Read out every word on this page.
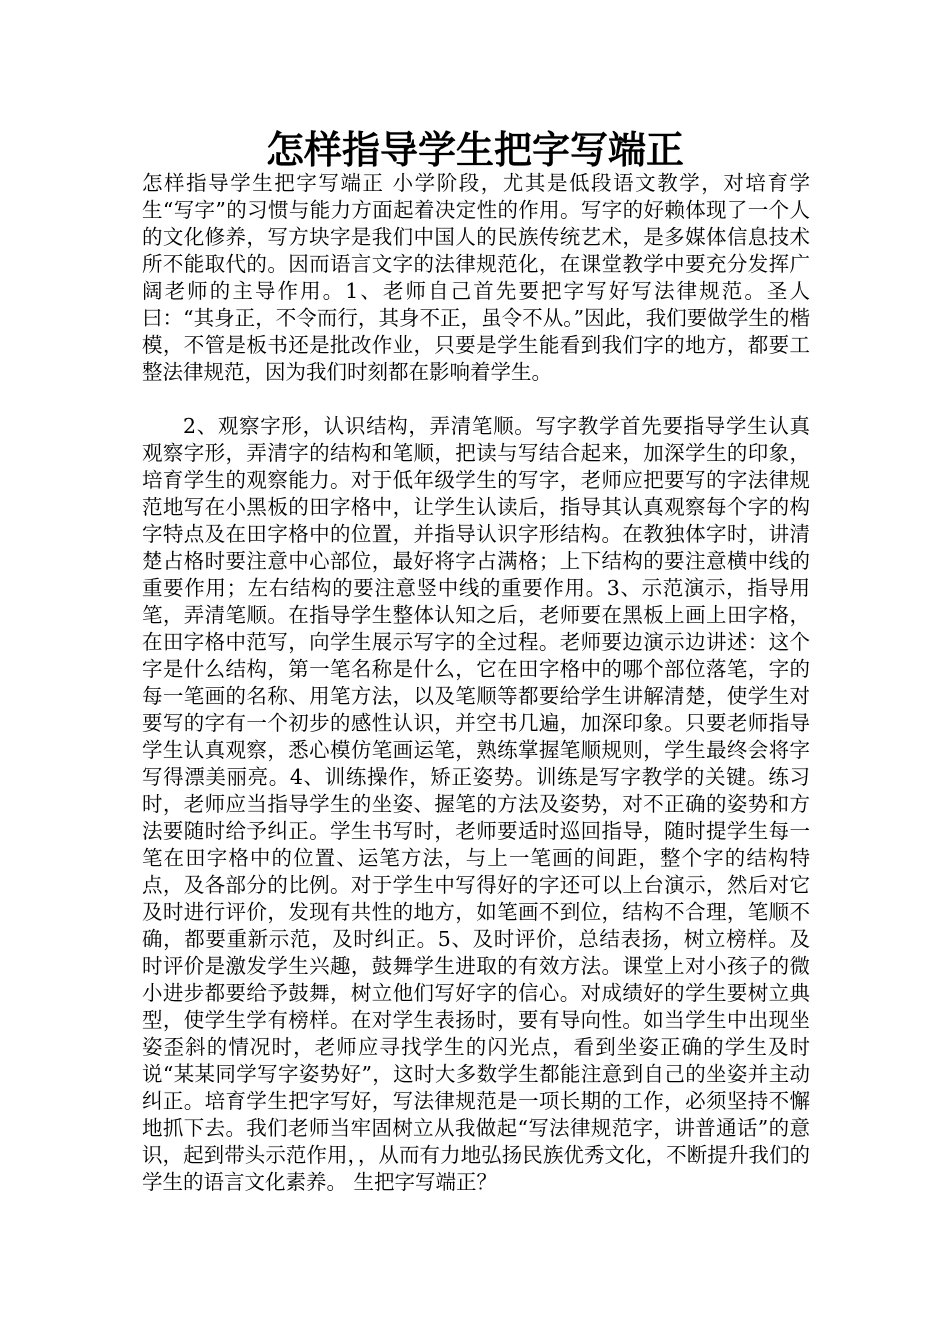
怎样指导学生把字写端正

怎样指导学生把字写端正 小学阶段，尤其是低段语文教学，对培育学生“写字”的习惯与能力方面起着决定性的作用。写字的好赖体现了一个人的文化修养，写方块字是我们中国人的民族传统艺术，是多媒体信息技术所不能取代的。因而语言文字的法律规范化，在课堂教学中要充分发挥广阔老师的主导作用。1、老师自己首先要把字写好写法律规范。圣人曰：“其身正，不令而行，其身不正，虽令不从。”因此，我们要做学生的楷模，不管是板书还是批改作业，只要是学生能看到我们字的地方，都要工整法律规范，因为我们时刻都在影响着学生。

2、观察字形，认识结构，弄清笔顺。写字教学首先要指导学生认真观察字形，弄清字的结构和笔顺，把读与写结合起来，加深学生的印象，培育学生的观察能力。对于低年级学生的写字，老师应把要写的字法律规范地写在小黑板的田字格中，让学生认读后，指导其认真观察每个字的构字特点及在田字格中的位置，并指导认识字形结构。在教独体字时，讲清楚占格时要注意中心部位，最好将字占满格；上下结构的要注意横中线的重要作用；左右结构的要注意竖中线的重要作用。3、示范演示，指导用笔，弄清笔顺。在指导学生整体认知之后，老师要在黑板上画上田字格，在田字格中范写，向学生展示写字的全过程。老师要边演示边讲述：这个字是什么结构，第一笔名称是什么，它在田字格中的哪个部位落笔，字的每一笔画的名称、用笔方法，以及笔顺等都要给学生讲解清楚，使学生对要写的字有一个初步的感性认识，并空书几遍，加深印象。只要老师指导学生认真观察，悉心模仿笔画运笔，熟练掌握笔顺规则，学生最终会将字写得漂美丽亮。4、训练操作，矫正姿势。训练是写字教学的关键。练习时，老师应当指导学生的坐姿、握笔的方法及姿势，对不正确的姿势和方法要随时给予纠正。学生书写时，老师要适时巡回指导，随时提学生每一笔在田字格中的位置、运笔方法，与上一笔画的间距，整个字的结构特点，及各部分的比例。对于学生中写得好的字还可以上台演示，然后对它及时进行评价，发现有共性的地方，如笔画不到位，结构不合理，笔顺不确，都要重新示范，及时纠正。5、及时评价，总结表扬，树立榜样。及时评价是激发学生兴趣，鼓舞学生进取的有效方法。课堂上对小孩子的微小进步都要给予鼓舞，树立他们写好字的信心。对成绩好的学生要树立典型，使学生学有榜样。在对学生表扬时，要有导向性。如当学生中出现坐姿歪斜的情况时，老师应寻找学生的闪光点，看到坐姿正确的学生及时说“某某同学写字姿势好”，这时大多数学生都能注意到自己的坐姿并主动纠正。培育学生把字写好，写法律规范是一项长期的工作，必须坚持不懈地抓下去。我们老师当牢固树立从我做起“写法律规范字，讲普通话”的意识，起到带头示范作用，，从而有力地弘扬民族优秀文化，不断提升我们的学生的语言文化素养。 生把字写端正？
